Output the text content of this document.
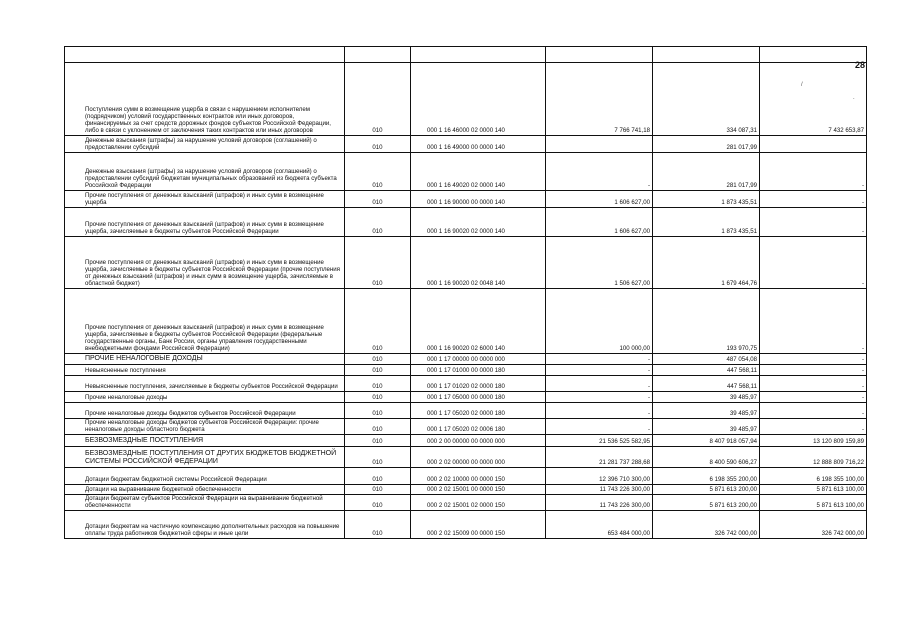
28
/
.

Поступления сумм в возмещение ущерба в связи с нарушением исполнителем (подрядчиком) условий государственных контрактов или иных договоров, финансируемых за счет средств дорожных фондов субъектов Российской Федерации, либо в связи с уклонением от заключения таких контрактов или иных договоров	010	000 1 16 46000 02 0000 140	7 766 741,18	334 087,31	7 432 653,87
Денежные взыскания (штрафы) за нарушение условий договоров (соглашений) о предоставлении субсидий	010	000 1 16 49000 00 0000 140		281 017,99	
Денежные взыскания (штрафы) за нарушение условий договоров (соглашений) о предоставлении субсидий бюджетам муниципальных образований из бюджета субъекта Российской Федерации	010	000 1 16 49020 02 0000 140	-	281 017,99	-
Прочие поступления от денежных взысканий (штрафов) и иных сумм в возмещение ущерба	010	000 1 16 90000 00 0000 140	1 606 627,00	1 873 435,51	-
Прочие поступления от денежных взысканий (штрафов) и иных сумм в возмещение ущерба, зачисляемые в бюджеты субъектов Российской Федерации	010	000 1 16 90020 02 0000 140	1 606 627,00	1 873 435,51	-
Прочие поступления от денежных взысканий (штрафов) и иных сумм в возмещение ущерба, зачисляемые в бюджеты субъектов Российской Федерации (прочие поступления от денежных взысканий (штрафов) и иных сумм в возмещение ущерба, зачисляемые в областной бюджет)	010	000 1 16 90020 02 0048 140	1 506 627,00	1 679 464,76	-
Прочие поступления от денежных взысканий (штрафов) и иных сумм в возмещение ущерба, зачисляемые в бюджеты субъектов Российской Федерации (федеральные государственные органы, Банк России, органы управления государственными внебюджетными фондами Российской Федерации)	010	000 1 16 90020 02 6000 140	100 000,00	193 970,75	-
ПРОЧИЕ НЕНАЛОГОВЫЕ ДОХОДЫ	010	000 1 17 00000 00 0000 000	-	487 054,08	-
Невыясненные поступления	010	000 1 17 01000 00 0000 180	-	447 568,11	-
Невыясненные поступления, зачисляемые в бюджеты субъектов Российской Федерации	010	000 1 17 01020 02 0000 180	-	447 568,11	-
Прочие неналоговые доходы	010	000 1 17 05000 00 0000 180	-	39 485,97	-
Прочие неналоговые доходы бюджетов субъектов Российской Федерации	010	000 1 17 05020 02 0000 180	-	39 485,97	-
Прочие неналоговые доходы бюджетов субъектов Российской Федерации: прочие неналоговые доходы областного бюджета	010	000 1 17 05020 02 0006 180	-	39 485,97	-
БЕЗВОЗМЕЗДНЫЕ ПОСТУПЛЕНИЯ	010	000 2 00 00000 00 0000 000	21 536 525 582,95	8 407 918 057,94	13 120 809 159,89
БЕЗВОЗМЕЗДНЫЕ ПОСТУПЛЕНИЯ ОТ ДРУГИХ БЮДЖЕТОВ БЮДЖЕТНОЙ СИСТЕМЫ РОССИЙСКОЙ ФЕДЕРАЦИИ	010	000 2 02 00000 00 0000 000	21 281 737 288,68	8 400 590 606,27	12 888 809 716,22
Дотации бюджетам бюджетной системы Российской Федерации	010	000 2 02 10000 00 0000 150	12 396 710 300,00	6 198 355 200,00	6 198 355 100,00
Дотации на выравнивание бюджетной обеспеченности	010	000 2 02 15001 00 0000 150	11 743 226 300,00	5 871 613 200,00	5 871 613 100,00
Дотации бюджетам субъектов Российской Федерации на выравнивание бюджетной обеспеченности	010	000 2 02 15001 02 0000 150	11 743 226 300,00	5 871 613 200,00	5 871 613 100,00
Дотации бюджетам на частичную компенсацию дополнительных расходов на повышение оплаты труда работников бюджетной сферы и иные цели	010	000 2 02 15009 00 0000 150	653 484 000,00	326 742 000,00	326 742 000,00
